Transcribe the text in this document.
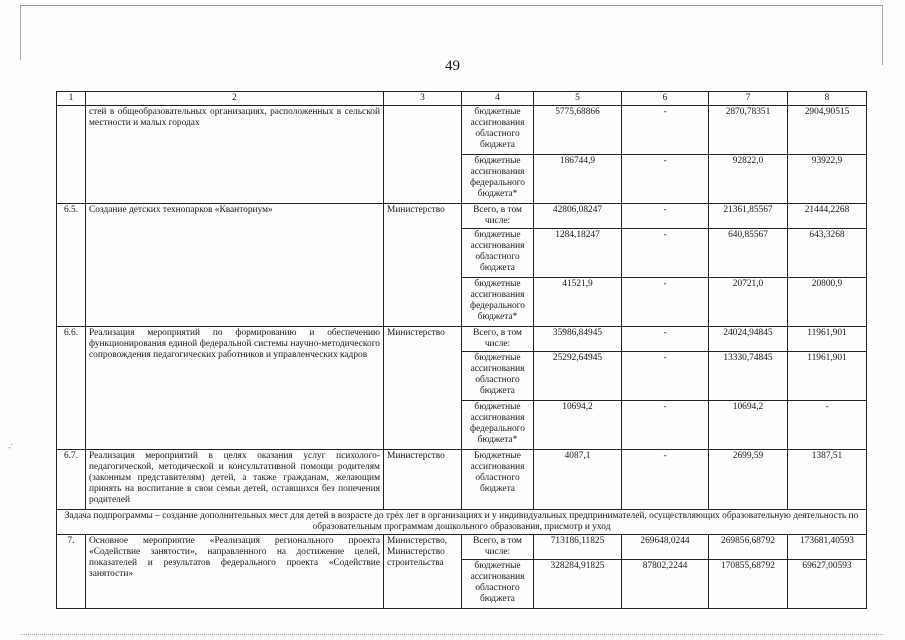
-'
49
1	2	3	4	5	6	7	8
	стей в общеобразовательных организациях, расположенных в сельской местности и малых городах		бюджетные ассигнования областного бюджета	5775,68866	-	2870,78351	2904,90515
			бюджетные ассигнования федерального бюджета*	186744,9	-	92822,0	93922,9
6.5.	Создание детских технопарков «Кванториум»	Министерство	Всего, в том числе:	42806,08247	-	21361,85567	21444,2268
			бюджетные ассигнования областного бюджета	1284,18247	-	640,85567	643,3268
			бюджетные ассигнования федерального бюджета*	41521,9	-	20721,0	20800,9
6.6.	Реализация мероприятий по формированию и обеспечению функционирования единой федеральной системы научно-методического сопровождения педагогических работников и управленческих кадров	Министерство	Всего, в том числе:	35986,84945	-	24024,94845	11961,901
			бюджетные ассигнования областного бюджета	25292,64945	-	13330,74845	11961,901
			бюджетные ассигнования федерального бюджета*	10694,2	-	10694,2	-
6.7.	Реализация мероприятий в целях оказания услуг психолого-педагогической, методической и консультативной помощи родителям (законным представителям) детей, а также гражданам, желающим принять на воспитание в свои семьи детей, оставшихся без попечения родителей	Министерство	Бюджетные ассигнования областного бюджета	4087,1	-	2699,59	1387,51
Задача подпрограммы – создание дополнительных мест для детей в возрасте до трёх лет в организациях и у индивидуальных предпринимателей, осуществляющих образовательную деятельность по образовательным программам дошкольного образования, присмотр и уход							
7.	Основное мероприятие «Реализация регионального проекта «Содействие занятости», направленного на достижение целей, показателей и результатов федерального проекта «Содействие занятости»	Министерство, Министерство строительства	Всего, в том числе:	713186,11825	269648,0244	269856,68792	173681,40593
			бюджетные ассигнования областного бюджета	328284,91825	87802,2244	170855,68792	69627,00593
